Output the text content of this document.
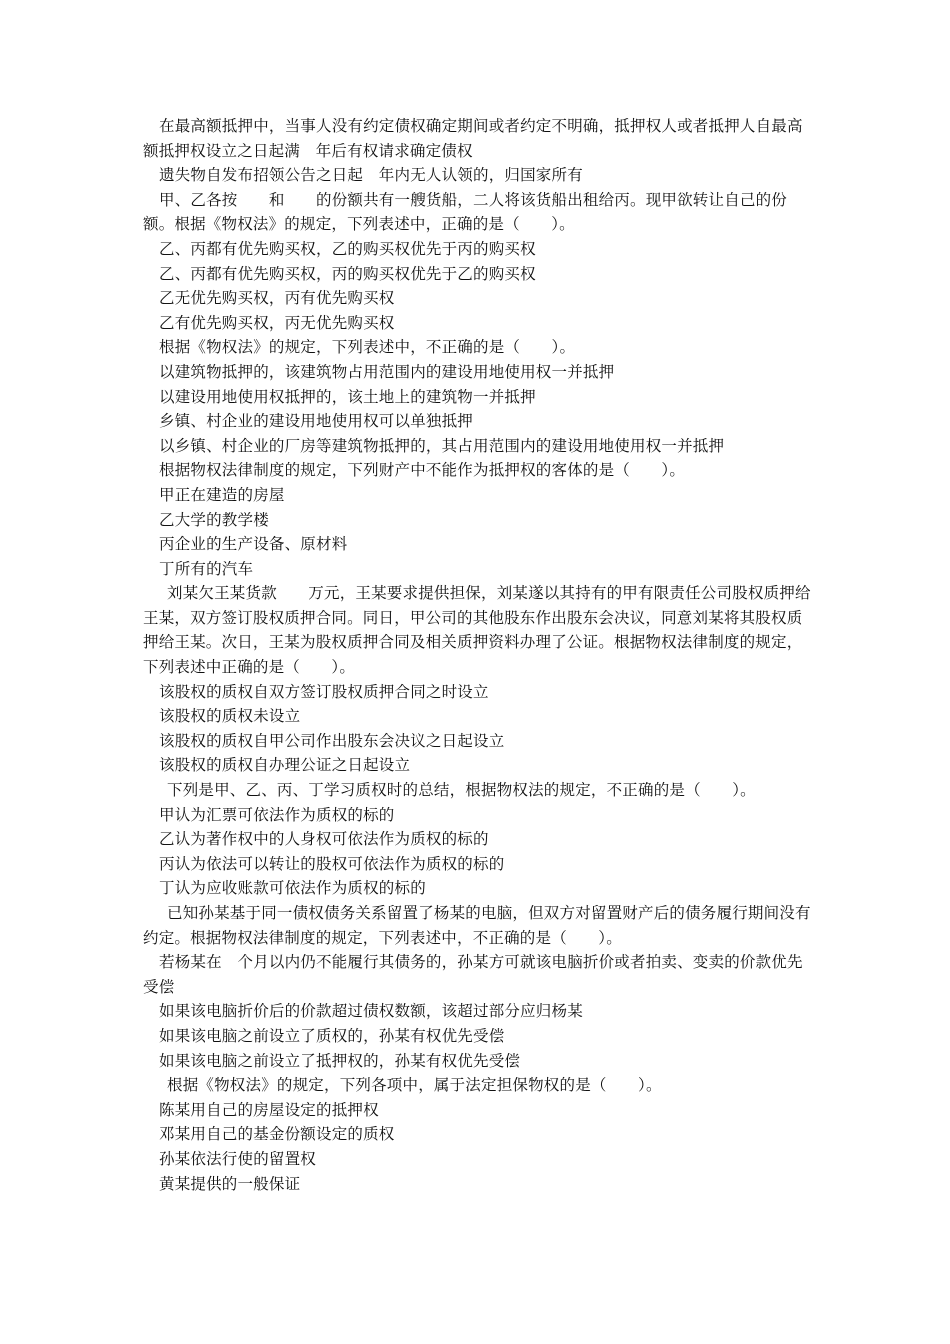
在最高额抵押中，当事人没有约定债权确定期间或者约定不明确，抵押权人或者抵押人自最高额抵押权设立之日起满　年后有权请求确定债权

遗失物自发布招领公告之日起　年内无人认领的，归国家所有

甲、乙各按　　和　　的份额共有一艘货船，二人将该货船出租给丙。现甲欲转让自己的份额。根据《物权法》的规定，下列表述中，正确的是（　　）。

乙、丙都有优先购买权，乙的购买权优先于丙的购买权

乙、丙都有优先购买权，丙的购买权优先于乙的购买权

乙无优先购买权，丙有优先购买权

乙有优先购买权，丙无优先购买权

根据《物权法》的规定，下列表述中，不正确的是（　　）。

以建筑物抵押的，该建筑物占用范围内的建设用地使用权一并抵押

以建设用地使用权抵押的，该土地上的建筑物一并抵押

乡镇、村企业的建设用地使用权可以单独抵押

以乡镇、村企业的厂房等建筑物抵押的，其占用范围内的建设用地使用权一并抵押

根据物权法律制度的规定，下列财产中不能作为抵押权的客体的是（　　）。

甲正在建造的房屋

乙大学的教学楼

丙企业的生产设备、原材料

丁所有的汽车

刘某欠王某货款　　万元，王某要求提供担保，刘某遂以其持有的甲有限责任公司股权质押给王某，双方签订股权质押合同。同日，甲公司的其他股东作出股东会决议，同意刘某将其股权质押给王某。次日，王某为股权质押合同及相关质押资料办理了公证。根据物权法律制度的规定，下列表述中正确的是（　　）。

该股权的质权自双方签订股权质押合同之时设立

该股权的质权未设立

该股权的质权自甲公司作出股东会决议之日起设立

该股权的质权自办理公证之日起设立

下列是甲、乙、丙、丁学习质权时的总结，根据物权法的规定，不正确的是（　　）。

甲认为汇票可依法作为质权的标的

乙认为著作权中的人身权可依法作为质权的标的

丙认为依法可以转让的股权可依法作为质权的标的

丁认为应收账款可依法作为质权的标的

已知孙某基于同一债权债务关系留置了杨某的电脑，但双方对留置财产后的债务履行期间没有约定。根据物权法律制度的规定，下列表述中，不正确的是（　　）。

若杨某在　个月以内仍不能履行其债务的，孙某方可就该电脑折价或者拍卖、变卖的价款优先受偿

如果该电脑折价后的价款超过债权数额，该超过部分应归杨某

如果该电脑之前设立了质权的，孙某有权优先受偿

如果该电脑之前设立了抵押权的，孙某有权优先受偿

根据《物权法》的规定，下列各项中，属于法定担保物权的是（　　）。

陈某用自己的房屋设定的抵押权

邓某用自己的基金份额设定的质权

孙某依法行使的留置权

黄某提供的一般保证
